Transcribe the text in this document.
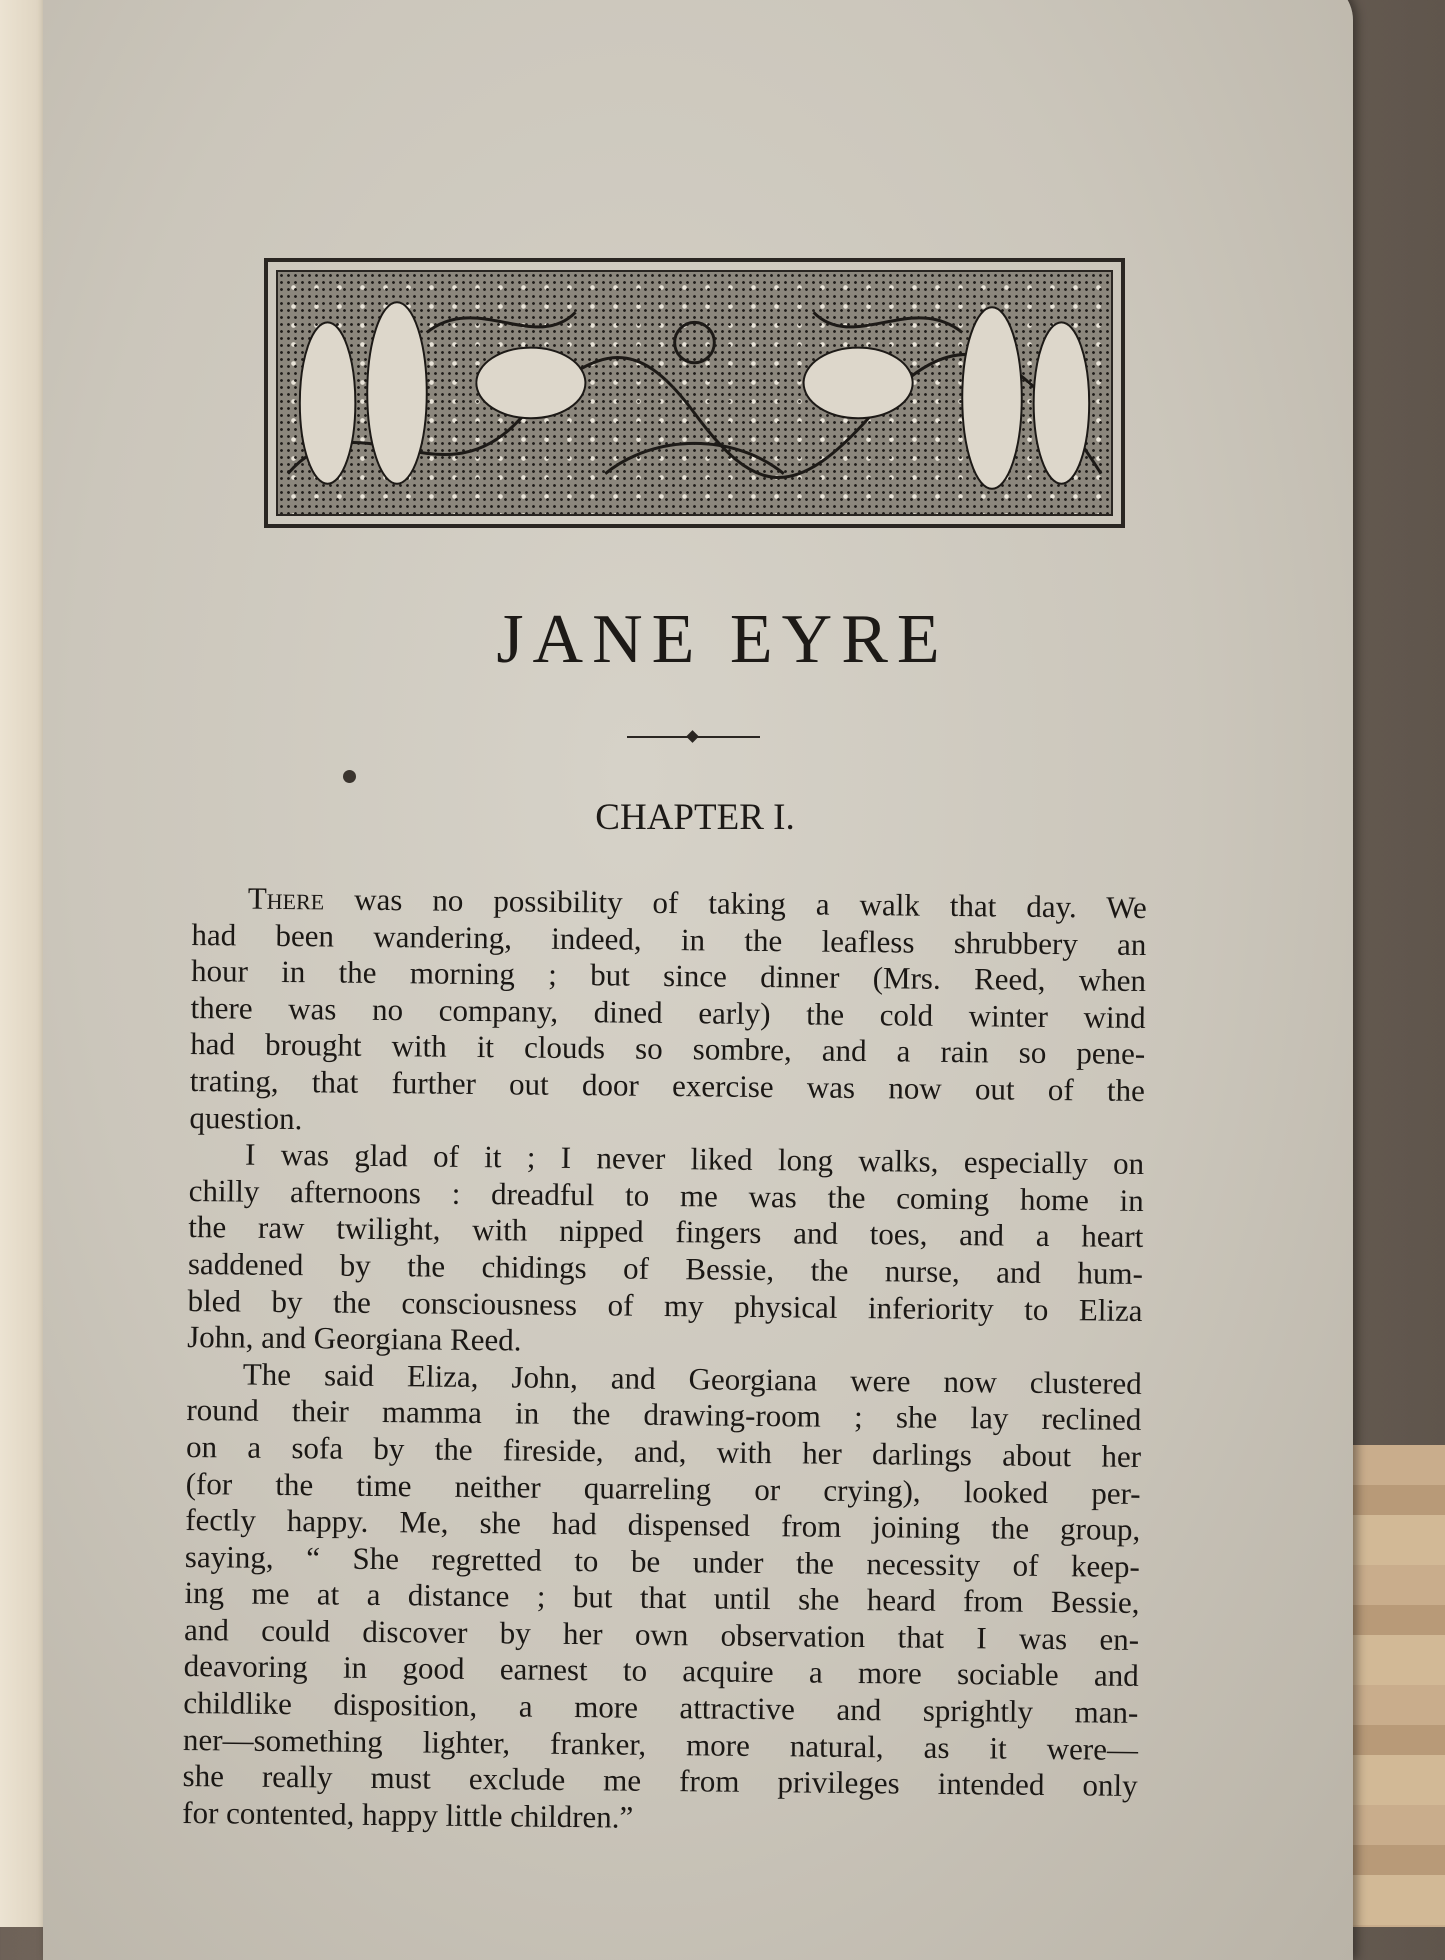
JANE EYRE
CHAPTER I.
There was no possibility of taking a walk that day. We
had been wandering, indeed, in the leafless shrubbery an
hour in the morning ; but since dinner (Mrs. Reed, when
there was no company, dined early) the cold winter wind
had brought with it clouds so sombre, and a rain so pene-
trating, that further out door exercise was now out of the
question.
I was glad of it ; I never liked long walks, especially on
chilly afternoons : dreadful to me was the coming home in
the raw twilight, with nipped fingers and toes, and a heart
saddened by the chidings of Bessie, the nurse, and hum-
bled by the consciousness of my physical inferiority to Eliza
John, and Georgiana Reed.
The said Eliza, John, and Georgiana were now clustered
round their mamma in the drawing-room ; she lay reclined
on a sofa by the fireside, and, with her darlings about her
(for the time neither quarreling or crying), looked per-
fectly happy. Me, she had dispensed from joining the group,
saying, “ She regretted to be under the necessity of keep-
ing me at a distance ; but that until she heard from Bessie,
and could discover by her own observation that I was en-
deavoring in good earnest to acquire a more sociable and
childlike disposition, a more attractive and sprightly man-
ner—something lighter, franker, more natural, as it were—
she really must exclude me from privileges intended only
for contented, happy little children.”
